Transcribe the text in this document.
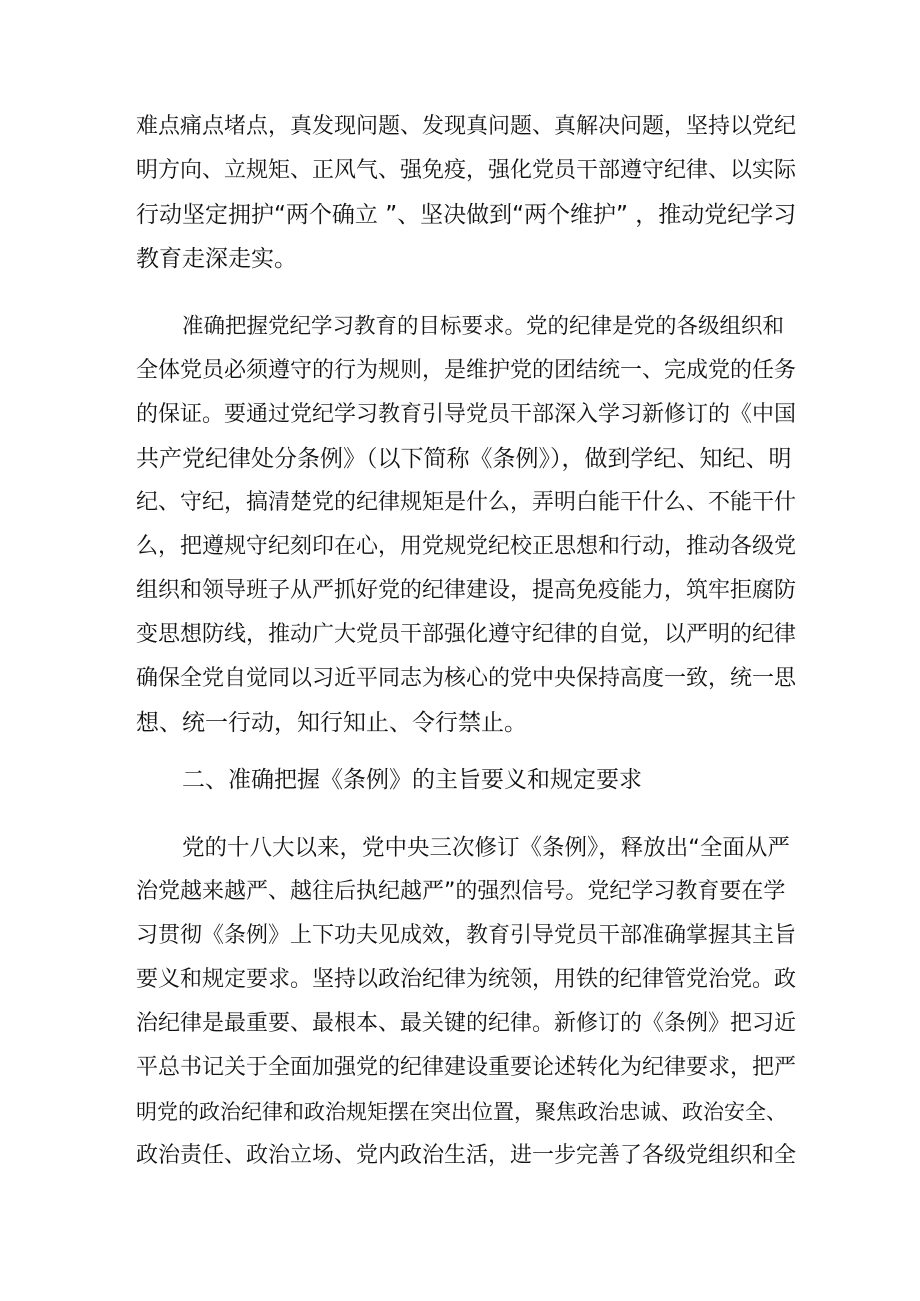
难点痛点堵点，真发现问题、发现真问题、真解决问题，坚持以党纪
明方向、立规矩、正风气、强免疫，强化党员干部遵守纪律、以实际
行动坚定拥护“两个确立 ”、坚决做到“两个维护” ，推动党纪学习
教育走深走实。

准确把握党纪学习教育的目标要求。党的纪律是党的各级组织和
全体党员必须遵守的行为规则，是维护党的团结统一、完成党的任务
的保证。要通过党纪学习教育引导党员干部深入学习新修订的《中国
共产党纪律处分条例》（以下简称《条例》），做到学纪、知纪、明
纪、守纪，搞清楚党的纪律规矩是什么，弄明白能干什么、不能干什
么，把遵规守纪刻印在心，用党规党纪校正思想和行动，推动各级党
组织和领导班子从严抓好党的纪律建设，提高免疫能力，筑牢拒腐防
变思想防线，推动广大党员干部强化遵守纪律的自觉，以严明的纪律
确保全党自觉同以习近平同志为核心的党中央保持高度一致，统一思
想、统一行动，知行知止、令行禁止。

二、准确把握《条例》的主旨要义和规定要求

党的十八大以来，党中央三次修订《条例》，释放出“全面从严
治党越来越严、越往后执纪越严”的强烈信号。党纪学习教育要在学
习贯彻《条例》上下功夫见成效，教育引导党员干部准确掌握其主旨
要义和规定要求。坚持以政治纪律为统领，用铁的纪律管党治党。政
治纪律是最重要、最根本、最关键的纪律。新修订的《条例》把习近
平总书记关于全面加强党的纪律建设重要论述转化为纪律要求，把严
明党的政治纪律和政治规矩摆在突出位置，聚焦政治忠诚、政治安全、
政治责任、政治立场、党内政治生活，进一步完善了各级党组织和全
